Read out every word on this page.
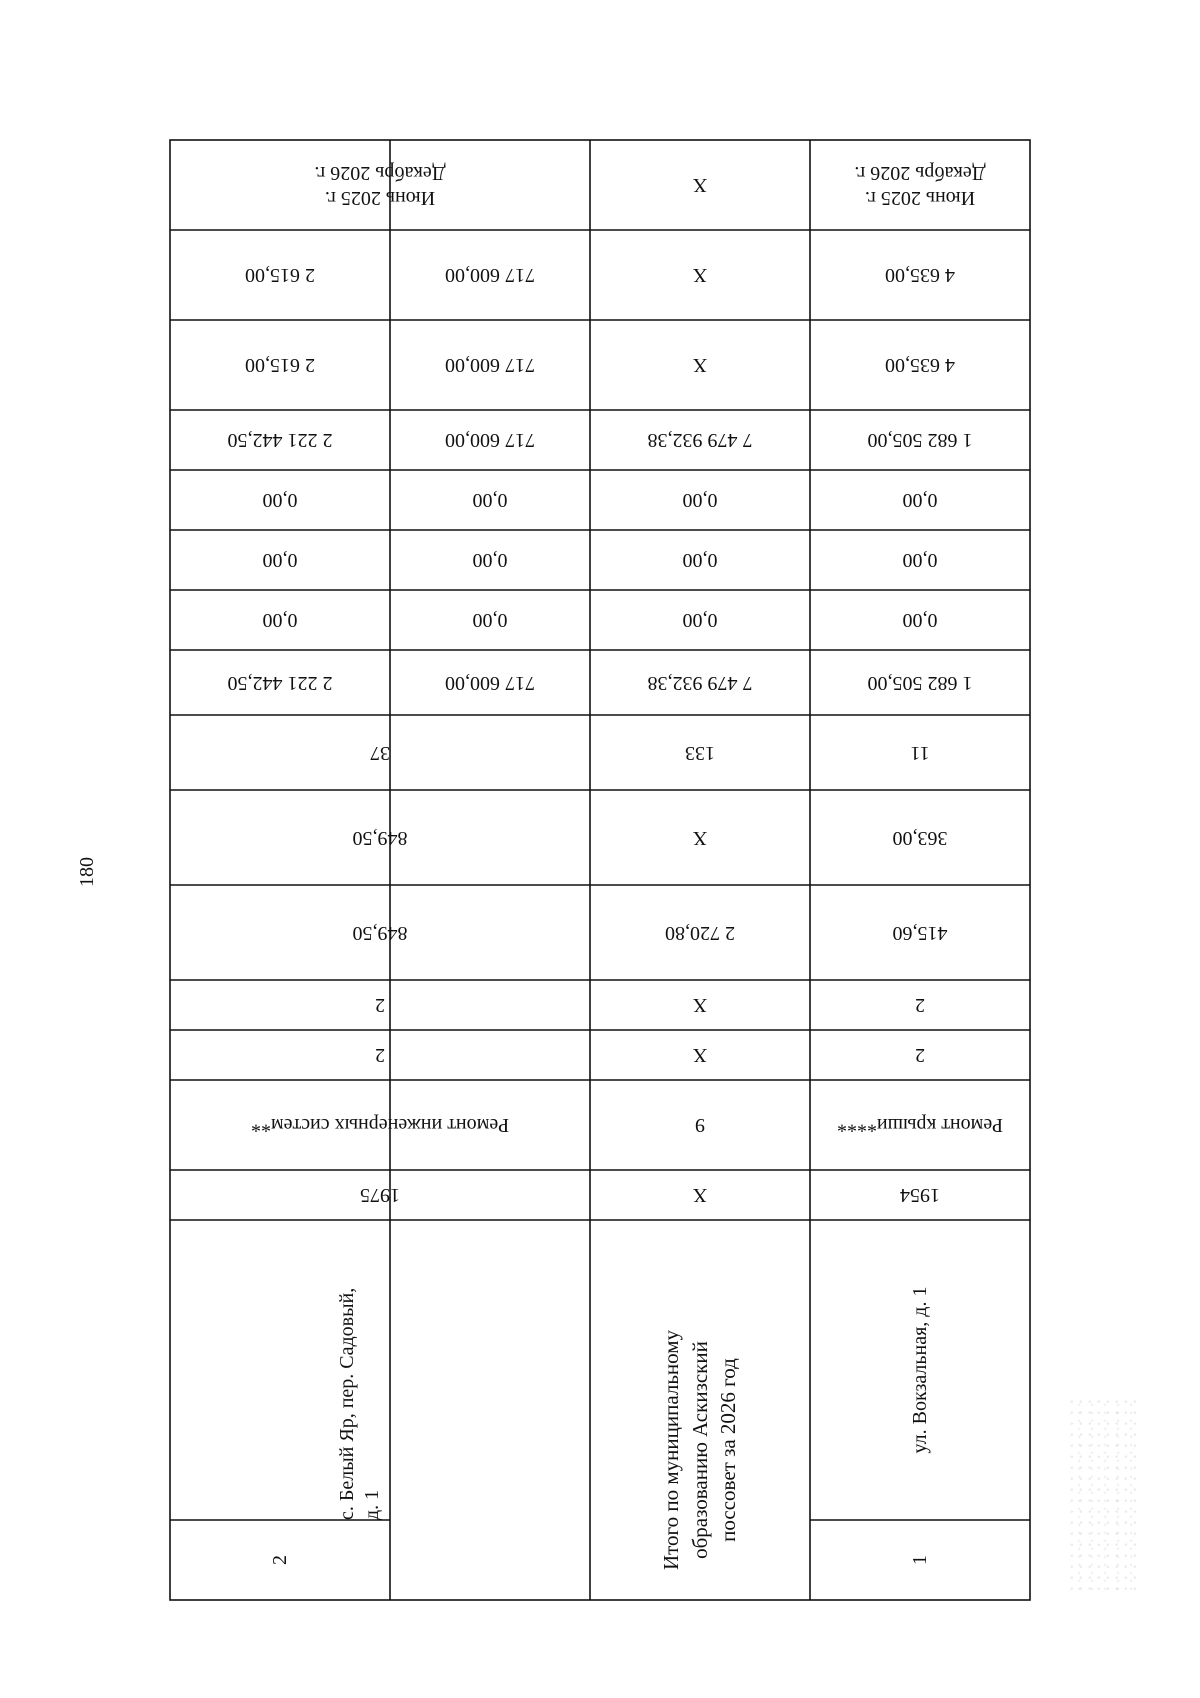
180
Июнь 2025 г.
Декабрь 2026 г.
Х
Июнь 2025 г.
Декабрь 2026 г.
4 635,00
Х
717 600,00
2 615,00
4 635,00
Х
717 600,00
2 615,00
1 682 505,00
7 479 932,38
717 600,00
2 221 442,50
0,00
0,00
0,00
0,00
0,00
0,00
0,00
0,00
0,00
0,00
0,00
0,00
1 682 505,00
7 479 932,38
717 600,00
2 221 442,50
11
133
37
363,00
Х
849,50
415,60
2 720,80
849,50
2
Х
2
2
Х
2
Ремонт крыши****
9
Ремонт инженерных систем**
1954
Х
1975
ул. Вокзальная, д. 1
Итого по муниципальному образованию Аскизский поссовет за 2026 год
с. Белый Яр, пер. Садовый, д. 1
1
2
